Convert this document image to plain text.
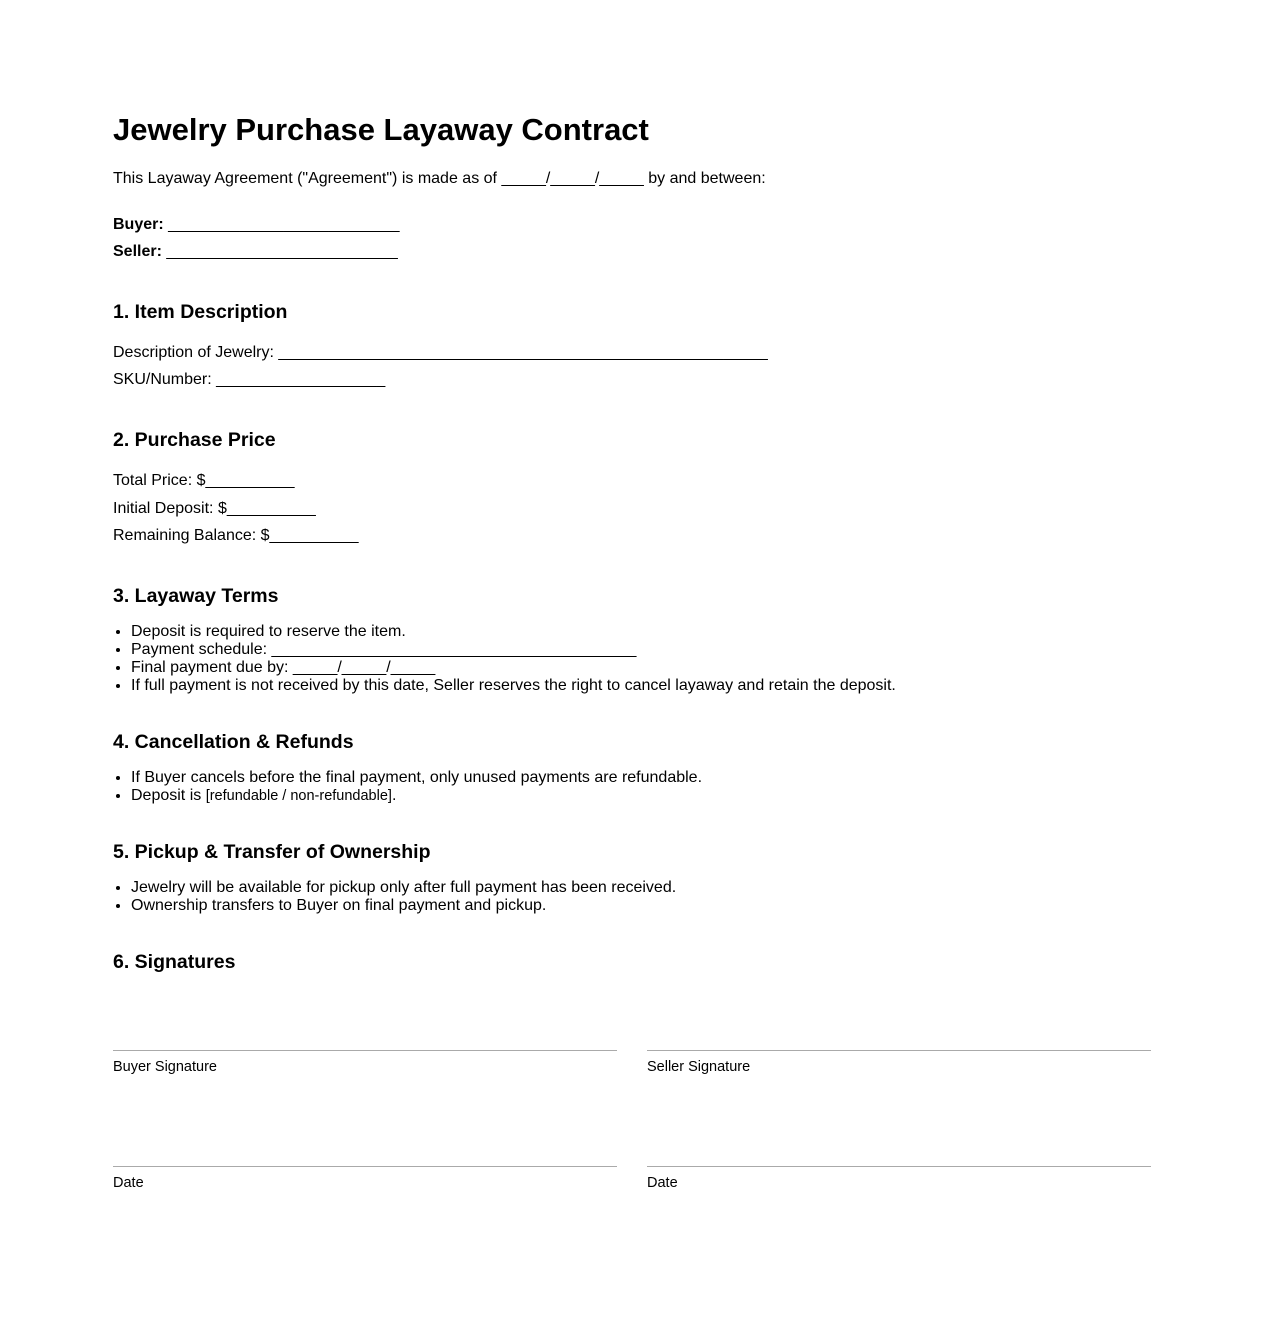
Jewelry Purchase Layaway Contract
This Layaway Agreement ("Agreement") is made as of _____/_____/_____ by and between:
Buyer: __________________________
Seller: __________________________
1. Item Description
Description of Jewelry: _______________________________________________________
SKU/Number: ___________________
2. Purchase Price
Total Price: $__________
Initial Deposit: $__________
Remaining Balance: $__________
3. Layaway Terms
• Deposit is required to reserve the item.
• Payment schedule: _________________________________________
• Final payment due by: _____/_____/_____
• If full payment is not received by this date, Seller reserves the right to cancel layaway and retain the deposit.
4. Cancellation & Refunds
• If Buyer cancels before the final payment, only unused payments are refundable.
• Deposit is [refundable / non-refundable].
5. Pickup & Transfer of Ownership
• Jewelry will be available for pickup only after full payment has been received.
• Ownership transfers to Buyer on final payment and pickup.
6. Signatures
Buyer Signature	Seller Signature
Date	Date
